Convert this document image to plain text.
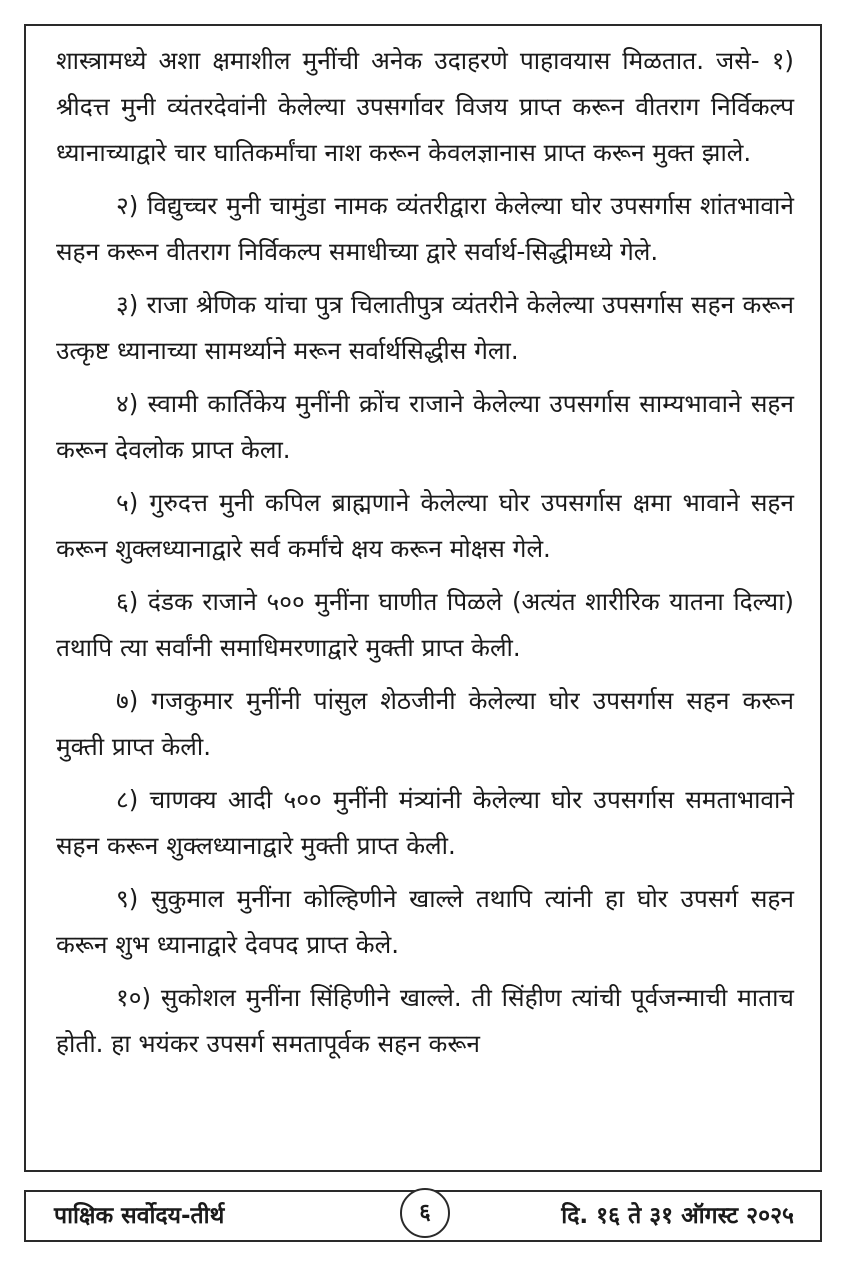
शास्त्रामध्ये अशा क्षमाशील मुनींची अनेक उदाहरणे पाहावयास मिळतात. जसे- १) श्रीदत्त मुनी व्यंतरदेवांनी केलेल्या उपसर्गावर विजय प्राप्त करून वीतराग निर्विकल्प ध्यानाच्याद्वारे चार घातिकर्मांचा नाश करून केवलज्ञानास प्राप्त करून मुक्त झाले.

२) विद्युच्चर मुनी चामुंडा नामक व्यंतरीद्वारा केलेल्या घोर उपसर्गास शांतभावाने सहन करून वीतराग निर्विकल्प समाधीच्या द्वारे सर्वार्थ-सिद्धीमध्ये गेले.

३) राजा श्रेणिक यांचा पुत्र चिलातीपुत्र व्यंतरीने केलेल्या उपसर्गास सहन करून उत्कृष्ट ध्यानाच्या सामर्थ्याने मरून सर्वार्थसिद्धीस गेला.

४) स्वामी कार्तिकेय मुनींनी क्रोंच राजाने केलेल्या उपसर्गास साम्यभावाने सहन करून देवलोक प्राप्त केला.

५) गुरुदत्त मुनी कपिल ब्राह्मणाने केलेल्या घोर उपसर्गास क्षमा भावाने सहन करून शुक्लध्यानाद्वारे सर्व कर्मांचे क्षय करून मोक्षस गेले.

६) दंडक राजाने ५०० मुनींना घाणीत पिळले (अत्यंत शारीरिक यातना दिल्या) तथापि त्या सर्वांनी समाधिमरणाद्वारे मुक्ती प्राप्त केली.

७) गजकुमार मुनींनी पांसुल शेठजीनी केलेल्या घोर उपसर्गास सहन करून मुक्ती प्राप्त केली.

८) चाणक्य आदी ५०० मुनींनी मंत्र्यांनी केलेल्या घोर उपसर्गास समताभावाने सहन करून शुक्लध्यानाद्वारे मुक्ती प्राप्त केली.

९) सुकुमाल मुनींना कोल्हिणीने खाल्ले तथापि त्यांनी हा घोर उपसर्ग सहन करून शुभ ध्यानाद्वारे देवपद प्राप्त केले.

१०) सुकोशल मुनींना सिंहिणीने खाल्ले. ती सिंहीण त्यांची पूर्वजन्माची माताच होती. हा भयंकर उपसर्ग समतापूर्वक सहन करून

पाक्षिक सर्वोदय-तीर्थ	६	दि. १६ ते ३१ ऑगस्ट २०२५
